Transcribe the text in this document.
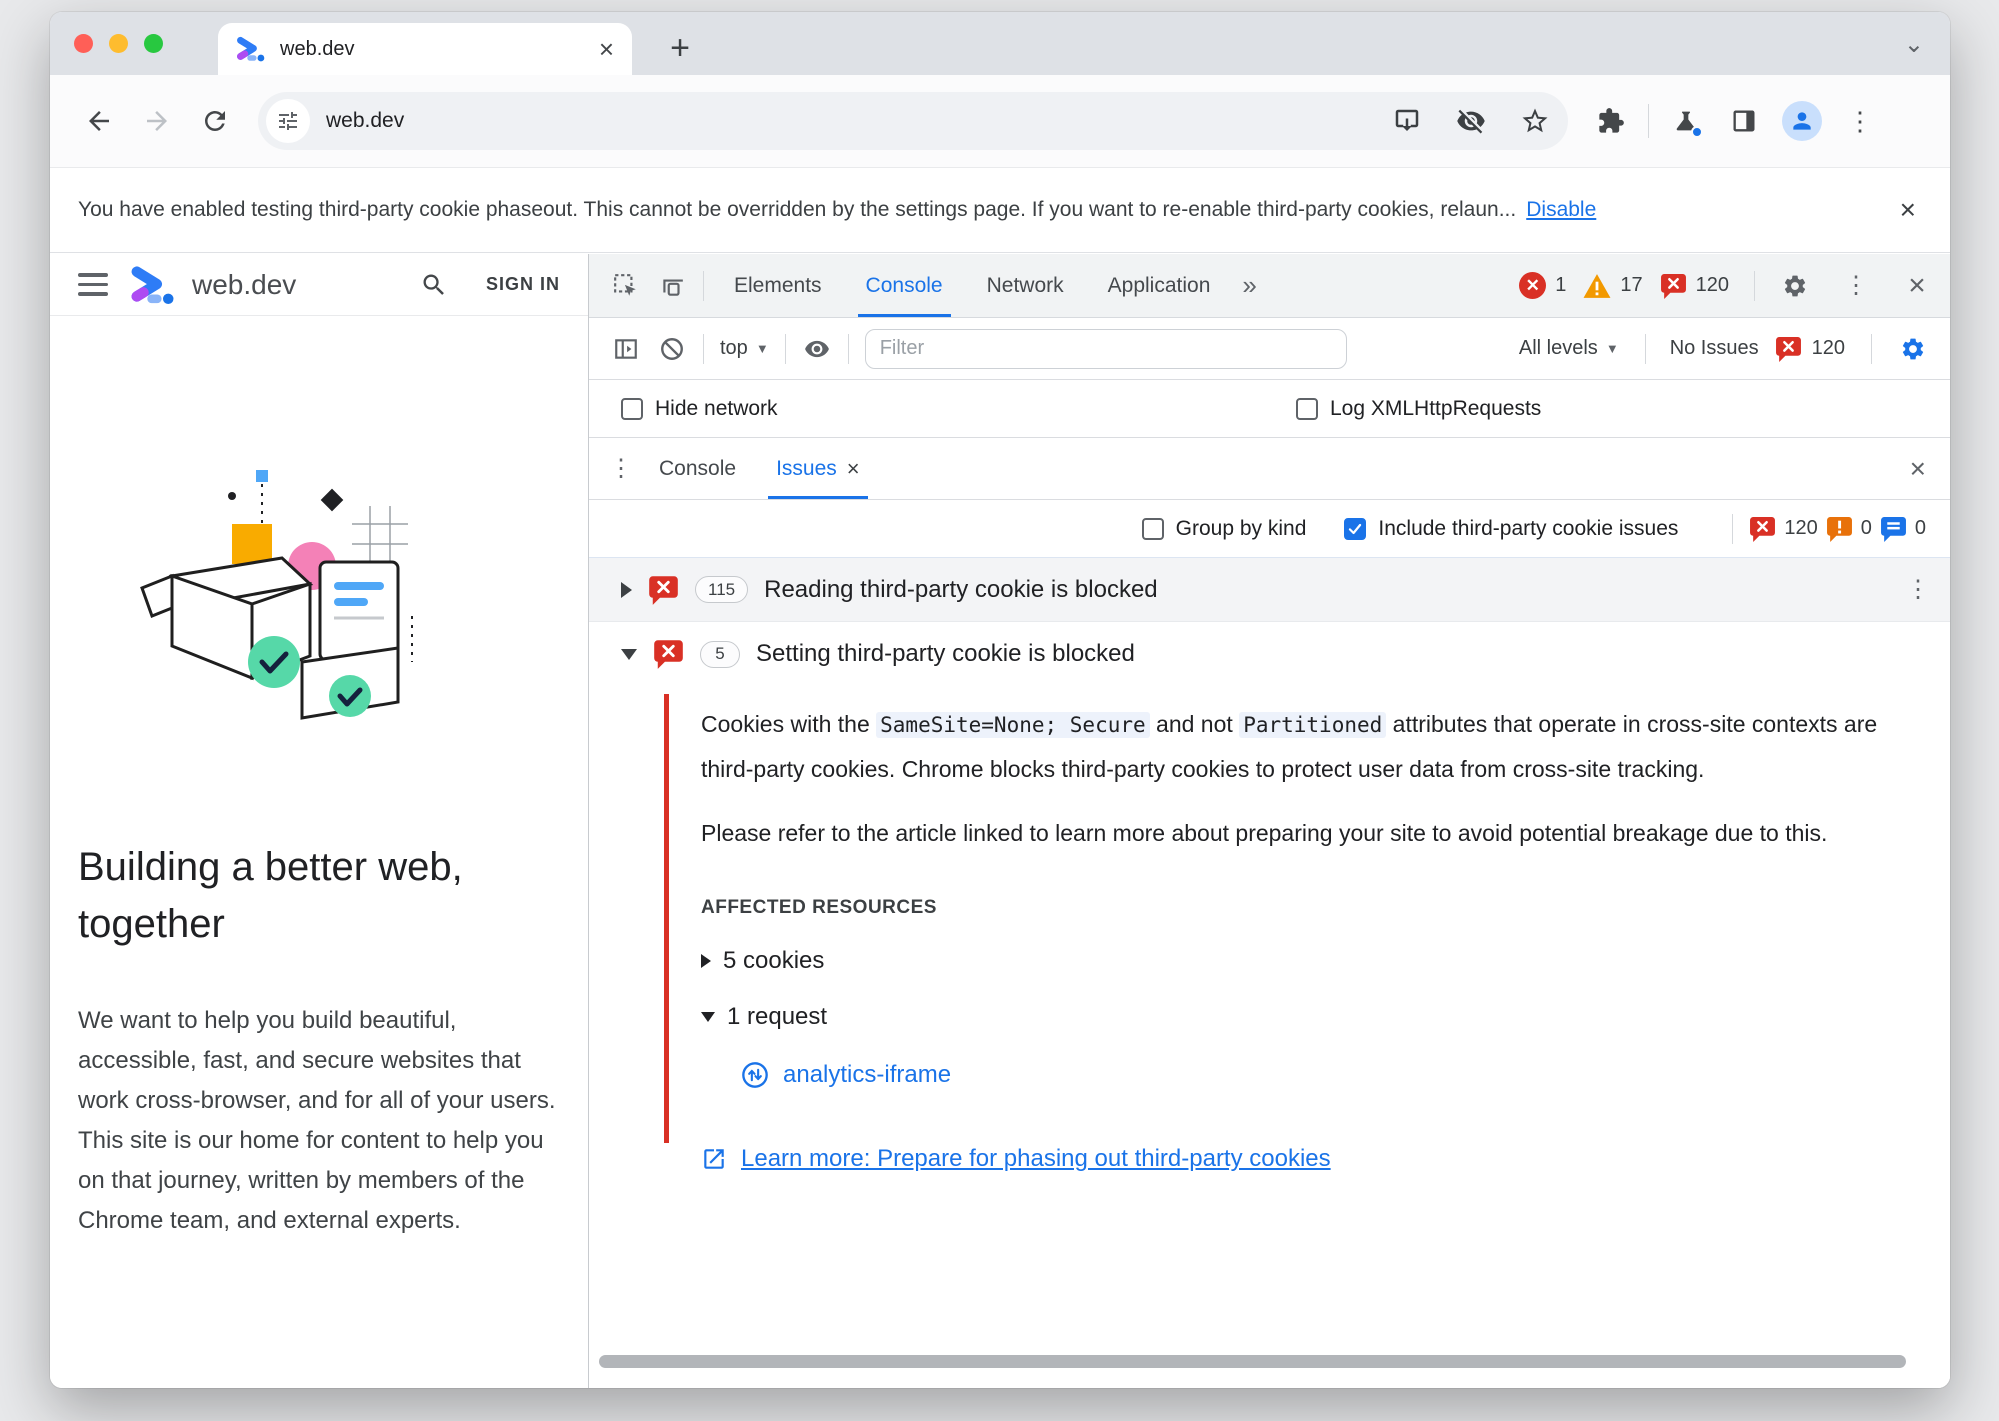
web.dev	×	+	⌄
web.dev	⋮
You have enabled testing third-party cookie phaseout. This cannot be overridden by the settings page. If you want to re-enable third-party cookies, relaun... Disable	×
web.dev	SIGN IN
Building a better web, together

We want to help you build beautiful, accessible, fast, and secure websites that work cross-browser, and for all of your users. This site is our home for content to help you on that journey, written by members of the Chrome team, and external experts.

Elements	Console	Network	Application	»	✕ 1	17	120	⋮	×
top ▼
Filter	All levels ▼	No Issues	120
Hide network	Log XMLHttpRequests
⋮	Console	Issues ×	×
Group by kind	Include third-party cookie issues	120 0 0
115	Reading third-party cookie is blocked	⋮
5	Setting third-party cookie is blocked

Cookies with the SameSite=None; Secure and not Partitioned attributes that operate in cross-site contexts are third-party cookies. Chrome blocks third-party cookies to protect user data from cross-site tracking.

Please refer to the article linked to learn more about preparing your site to avoid potential breakage due to this.

AFFECTED RESOURCES
5 cookies
1 request
analytics-iframe
Learn more: Prepare for phasing out third-party cookies
